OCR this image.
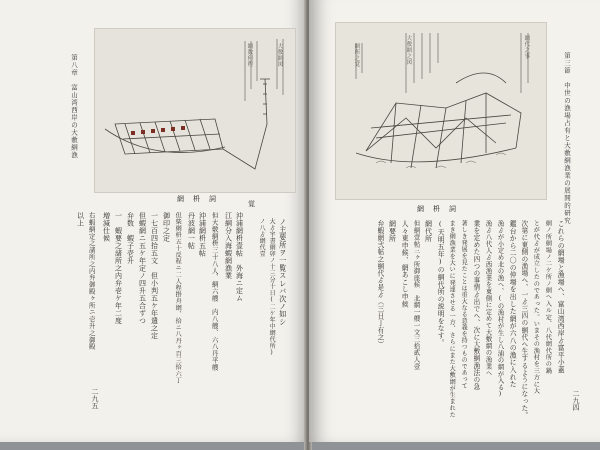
第八章　富山湾西岸の大敷網漁	網数何程	大敷網図
網　枡　詞
ノ主要所ヲ一覧スレバ次ノ如シ
大ゟ宇書網卯ノ十三分十日(二ケ年中網代所)
ノ八ゟ網代壹
覚
沖浦網枡壹帖　外海ニ定ム
江網分入海蝦網漁業
但大敷網枡三十八人、網六艘　内八艘、六八丹平艘
沖浦網枡五帖
丹波網一帖
但柴網枡五十反程ニ二人程掛舟網、拾ニ八丹ヶ百三拾六丁
御印之定
一七百四拾五文　但小判五ケ年遣之定
但蝦網ニ五ケ年定ノ四升五合ずつ
弁数　蝦子壱升
一　蝦要之諸所之内弁壱ケ年二度
増減仕候
右蝦網定之諸所之内弁御殿ヶ所ニ壱升之御殿
以上
二九五
大敷網之図	網代之事
網所之覚
網　枡　詞	第三節　中世の漁場占有と大敷網漁業の展開的研究
これらの網場と漁場ヘ、富山湾西岸ゟ富平小蓋
網ノ所網場ノ二ケ所ノ網ヘ入ル定、八代網代所の鍋
とが代ゟが成立したのであった。いまその漁村を三方に大
次第に東側の漁場ヘ、一ゟ三四の網代ヘ生するようになった。
鑑台から二〇の仲場を出した網が六八の漁に入れた
漁ゟが小定め北の漁ヘ、(の漁村が生し八浦の網が入る)
漁ゟ八代人ゟ西漁業を東側に定めて大敷網の漁業ヘ
業を定めた四つの事情ゟ出でヘ、次に大敷網漁法の急
著しき発展を見たことは重大なる意義を持つものであって
まき網漁業を大いに発達させる一方、さらにまた大敷網が生まれた
(天明五年)の網代所の説明をなす。
網代所
但網壹帖三ヶ所御座候　北網一艘一文三拾貳人壹
人々東申候、網あこし申候
網要所
弁蝦網弐帖之網代ゟ是ゟ（三日丁有之）
二九四
